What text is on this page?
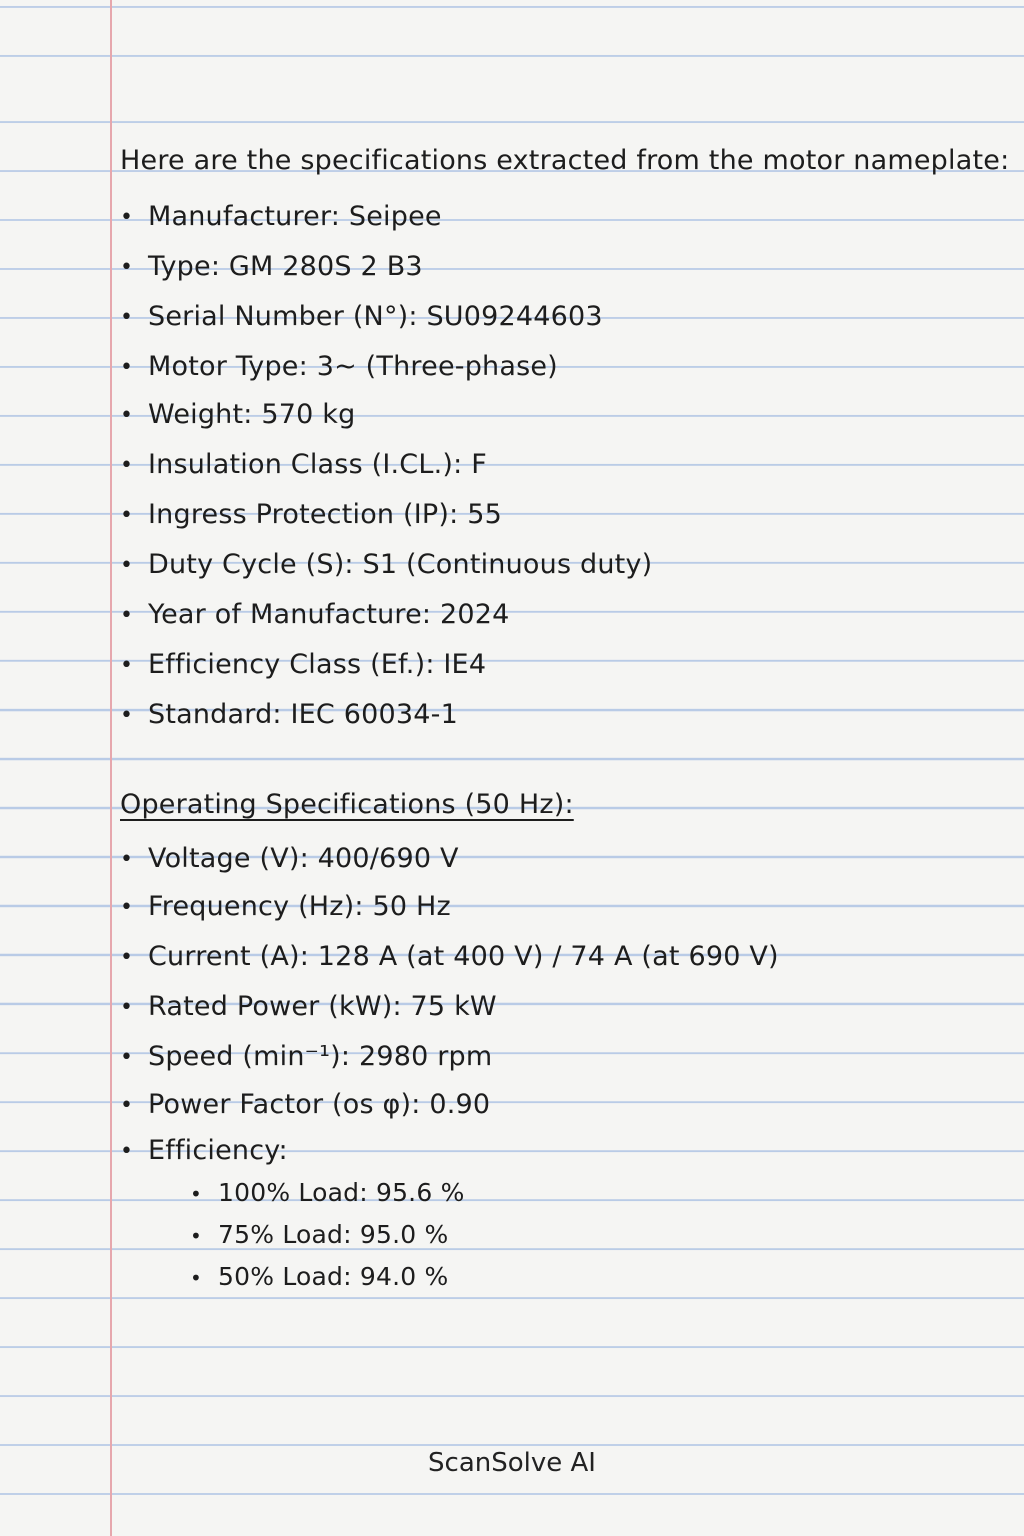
Here are the specifications extracted from the motor nameplate:
• Manufacturer: Seipee
• Type: GM 280S 2 B3
• Serial Number (N°): SU09244603
• Motor Type: 3~ (Three-phase)
• Weight: 570 kg
• Insulation Class (I.CL.): F
• Ingress Protection (IP): 55
• Duty Cycle (S): S1 (Continuous duty)
• Year of Manufacture: 2024
• Efficiency Class (Ef.): IE4
• Standard: IEC 60034-1
Operating Specifications (50 Hz):
• Voltage (V): 400/690 V
• Frequency (Hz): 50 Hz
• Current (A): 128 A (at 400 V) / 74 A (at 690 V)
• Rated Power (kW): 75 kW
• Speed (min⁻¹): 2980 rpm
• Power Factor (os φ): 0.90
• Efficiency:
• 100% Load: 95.6 %
• 75% Load: 95.0 %
• 50% Load: 94.0 %
ScanSolve AI
